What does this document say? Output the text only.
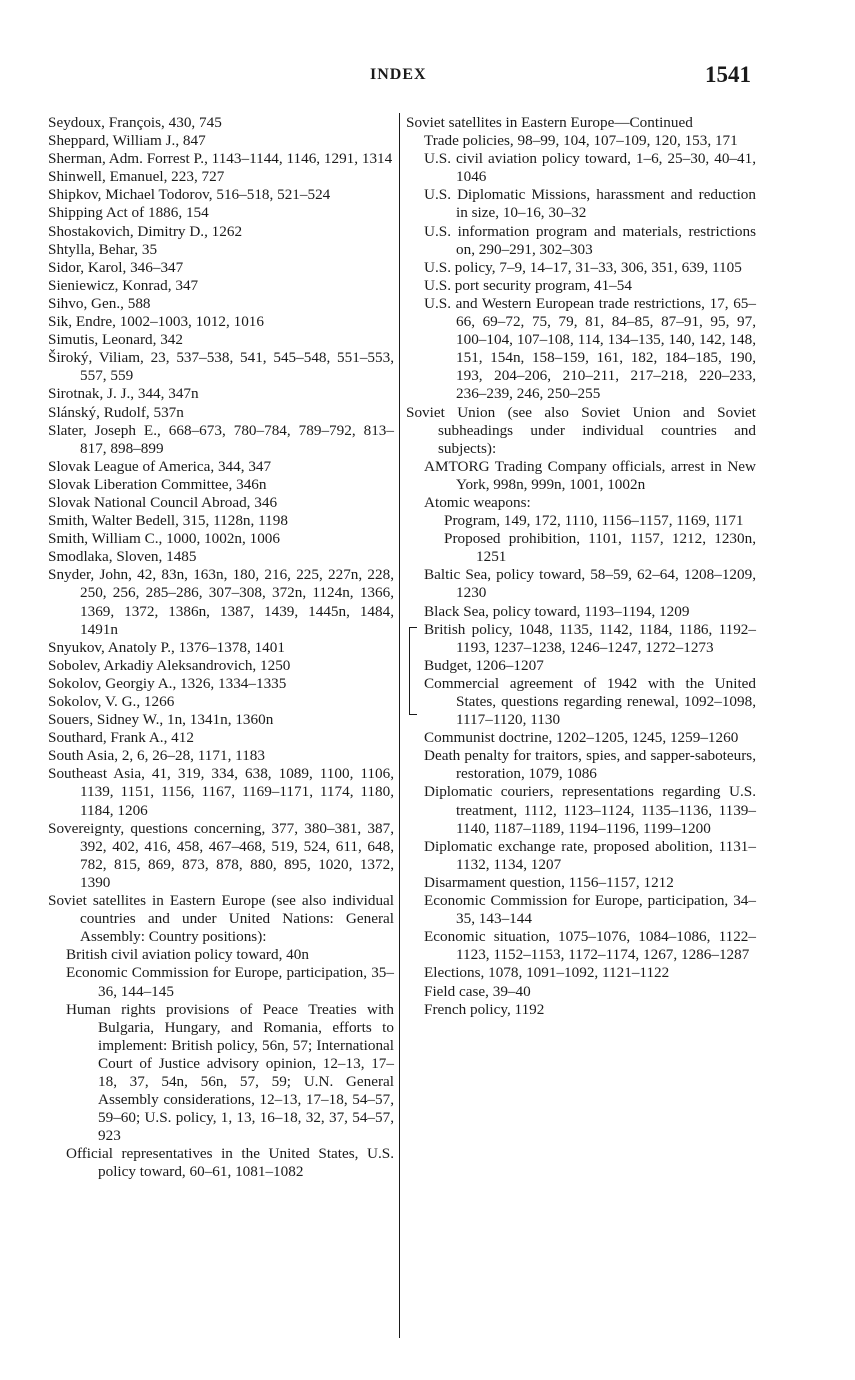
INDEX	1541

Seydoux, François, 430, 745

Sheppard, William J., 847

Sherman, Adm. Forrest P., 1143–1144, 1146, 1291, 1314

Shinwell, Emanuel, 223, 727

Shipkov, Michael Todorov, 516–518, 521–524

Shipping Act of 1886, 154

Shostakovich, Dimitry D., 1262

Shtylla, Behar, 35

Sidor, Karol, 346–347

Sieniewicz, Konrad, 347

Sihvo, Gen., 588

Sik, Endre, 1002–1003, 1012, 1016

Simutis, Leonard, 342

Široký, Viliam, 23, 537–538, 541, 545–548, 551–553, 557, 559

Sirotnak, J. J., 344, 347n

Slánský, Rudolf, 537n

Slater, Joseph E., 668–673, 780–784, 789–792, 813–817, 898–899

Slovak League of America, 344, 347

Slovak Liberation Committee, 346n

Slovak National Council Abroad, 346

Smith, Walter Bedell, 315, 1128n, 1198

Smith, William C., 1000, 1002n, 1006

Smodlaka, Sloven, 1485

Snyder, John, 42, 83n, 163n, 180, 216, 225, 227n, 228, 250, 256, 285–286, 307–308, 372n, 1124n, 1366, 1369, 1372, 1386n, 1387, 1439, 1445n, 1484, 1491n

Snyukov, Anatoly P., 1376–1378, 1401

Sobolev, Arkadiy Aleksandrovich, 1250

Sokolov, Georgiy A., 1326, 1334–1335

Sokolov, V. G., 1266

Souers, Sidney W., 1n, 1341n, 1360n

Southard, Frank A., 412

South Asia, 2, 6, 26–28, 1171, 1183

Southeast Asia, 41, 319, 334, 638, 1089, 1100, 1106, 1139, 1151, 1156, 1167, 1169–1171, 1174, 1180, 1184, 1206

Sovereignty, questions concerning, 377, 380–381, 387, 392, 402, 416, 458, 467–468, 519, 524, 611, 648, 782, 815, 869, 873, 878, 880, 895, 1020, 1372, 1390

Soviet satellites in Eastern Europe (see also individual countries and under United Nations: General Assembly: Country positions):

British civil aviation policy toward, 40n

Economic Commission for Europe, participation, 35–36, 144–145

Human rights provisions of Peace Treaties with Bulgaria, Hungary, and Romania, efforts to implement: British policy, 56n, 57; International Court of Justice advisory opinion, 12–13, 17–18, 37, 54n, 56n, 57, 59; U.N. General Assembly considerations, 12–13, 17–18, 54–57, 59–60; U.S. policy, 1, 13, 16–18, 32, 37, 54–57, 923

Official representatives in the United States, U.S. policy toward, 60–61, 1081–1082

Soviet satellites in Eastern Europe—Continued

Trade policies, 98–99, 104, 107–109, 120, 153, 171

U.S. civil aviation policy toward, 1–6, 25–30, 40–41, 1046

U.S. Diplomatic Missions, harassment and reduction in size, 10–16, 30–32

U.S. information program and materials, restrictions on, 290–291, 302–303

U.S. policy, 7–9, 14–17, 31–33, 306, 351, 639, 1105

U.S. port security program, 41–54

U.S. and Western European trade restrictions, 17, 65–66, 69–72, 75, 79, 81, 84–85, 87–91, 95, 97, 100–104, 107–108, 114, 134–135, 140, 142, 148, 151, 154n, 158–159, 161, 182, 184–185, 190, 193, 204–206, 210–211, 217–218, 220–233, 236–239, 246, 250–255

Soviet Union (see also Soviet Union and Soviet subheadings under individual countries and subjects):

AMTORG Trading Company officials, arrest in New York, 998n, 999n, 1001, 1002n

Atomic weapons:

Program, 149, 172, 1110, 1156–1157, 1169, 1171

Proposed prohibition, 1101, 1157, 1212, 1230n, 1251

Baltic Sea, policy toward, 58–59, 62–64, 1208–1209, 1230

Black Sea, policy toward, 1193–1194, 1209

British policy, 1048, 1135, 1142, 1184, 1186, 1192–1193, 1237–1238, 1246–1247, 1272–1273

Budget, 1206–1207

Commercial agreement of 1942 with the United States, questions regarding renewal, 1092–1098, 1117–1120, 1130

Communist doctrine, 1202–1205, 1245, 1259–1260

Death penalty for traitors, spies, and sapper-saboteurs, restoration, 1079, 1086

Diplomatic couriers, representations regarding U.S. treatment, 1112, 1123–1124, 1135–1136, 1139–1140, 1187–1189, 1194–1196, 1199–1200

Diplomatic exchange rate, proposed abolition, 1131–1132, 1134, 1207

Disarmament question, 1156–1157, 1212

Economic Commission for Europe, participation, 34–35, 143–144

Economic situation, 1075–1076, 1084–1086, 1122–1123, 1152–1153, 1172–1174, 1267, 1286–1287

Elections, 1078, 1091–1092, 1121–1122

Field case, 39–40

French policy, 1192
